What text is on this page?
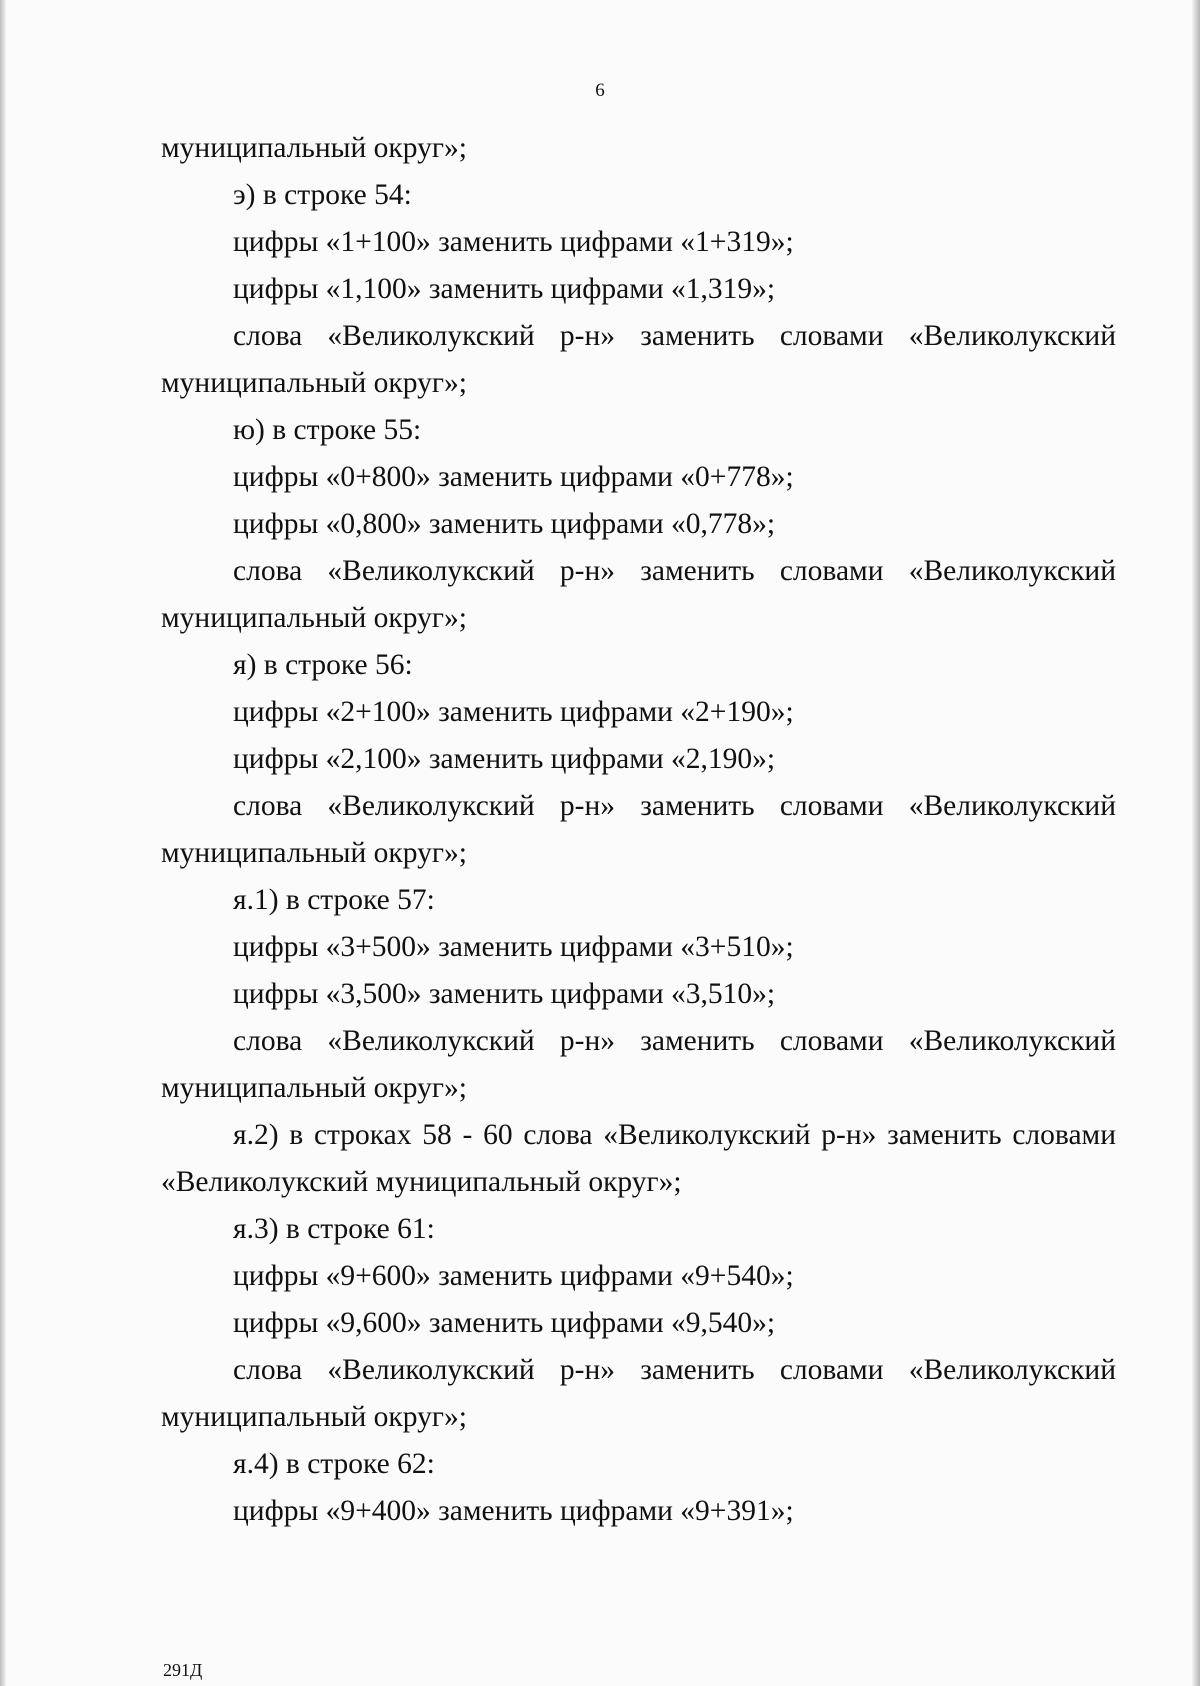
6

муниципальный округ»;

э) в строке 54:

цифры «1+100» заменить цифрами «1+319»;

цифры «1,100» заменить цифрами «1,319»;

слова «Великолукский р-н» заменить словами «Великолукский муниципальный округ»;

ю) в строке 55:

цифры «0+800» заменить цифрами «0+778»;

цифры «0,800» заменить цифрами «0,778»;

слова «Великолукский р-н» заменить словами «Великолукский муниципальный округ»;

я) в строке 56:

цифры «2+100» заменить цифрами «2+190»;

цифры «2,100» заменить цифрами «2,190»;

слова «Великолукский р-н» заменить словами «Великолукский муниципальный округ»;

я.1) в строке 57:

цифры «3+500» заменить цифрами «3+510»;

цифры «3,500» заменить цифрами «3,510»;

слова «Великолукский р-н» заменить словами «Великолукский муниципальный округ»;

я.2) в строках 58 - 60 слова «Великолукский р-н» заменить словами «Великолукский муниципальный округ»;

я.3) в строке 61:

цифры «9+600» заменить цифрами «9+540»;

цифры «9,600» заменить цифрами «9,540»;

слова «Великолукский р-н» заменить словами «Великолукский муниципальный округ»;

я.4) в строке 62:

цифры «9+400» заменить цифрами «9+391»;

291Д
